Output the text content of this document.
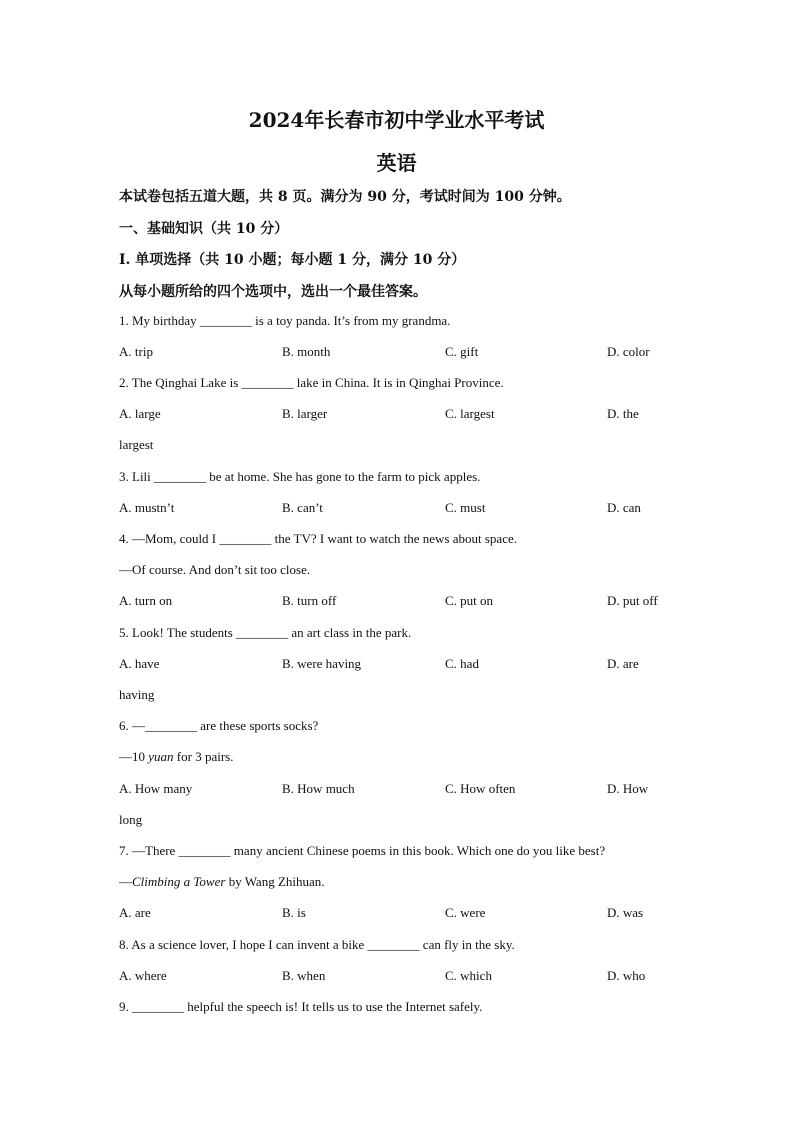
2024年长春市初中学业水平考试
英语
本试卷包括五道大题，共 8 页。满分为 90 分，考试时间为 100 分钟。
一、基础知识（共 10 分）
I. 单项选择（共 10 小题；每小题 1 分，满分 10 分）
从每小题所给的四个选项中，选出一个最佳答案。
1. My birthday ________ is a toy panda. It’s from my grandma.
A. trip	B. month	C. gift	D. color
2. The Qinghai Lake is ________ lake in China. It is in Qinghai Province.
A. large	B. larger	C. largest	D. the
largest
3. Lili ________ be at home. She has gone to the farm to pick apples.
A. mustn’t	B. can’t	C. must	D. can
4. —Mom, could I ________ the TV? I want to watch the news about space.
—Of course. And don’t sit too close.
A. turn on	B. turn off	C. put on	D. put off
5. Look! The students ________ an art class in the park.
A. have	B. were having	C. had	D. are
having
6. —________ are these sports socks?
—10 yuan for 3 pairs.
A. How many	B. How much	C. How often	D. How
long
7. —There ________ many ancient Chinese poems in this book. Which one do you like best?
—Climbing a Tower by Wang Zhihuan.
A. are	B. is	C. were	D. was
8. As a science lover, I hope I can invent a bike ________ can fly in the sky.
A. where	B. when	C. which	D. who
9. ________ helpful the speech is! It tells us to use the Internet safely.
